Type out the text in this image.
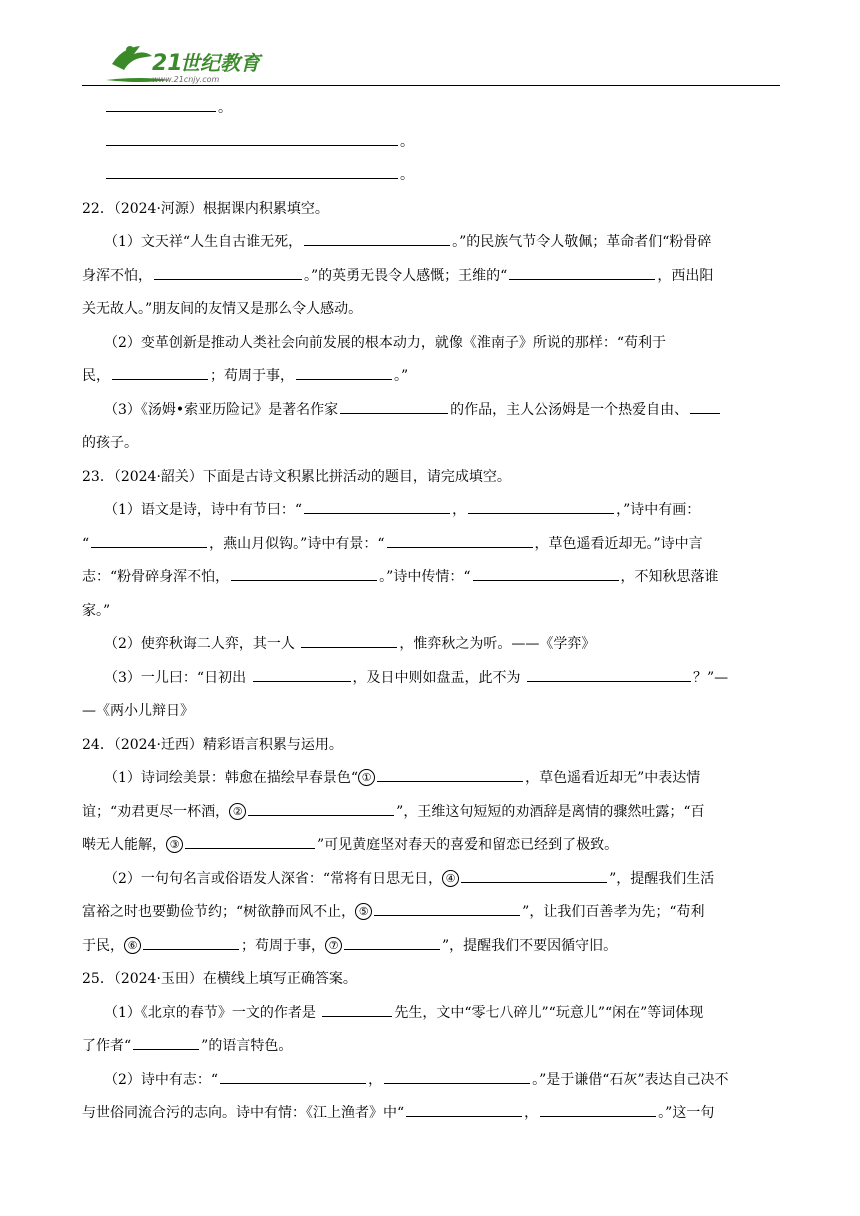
21
世纪教育
www.21cnjy.com
。
。
。
22．（2024·河源）根据课内积累填空。
（1）文天祥“人生自古谁无死，	。”的民族气节令人敬佩；革命者们“粉骨碎
身浑不怕，	。”的英勇无畏令人感慨；王维的“	，西出阳
关无故人。”朋友间的友情又是那么令人感动。
（2）变革创新是推动人类社会向前发展的根本动力，就像《淮南子》所说的那样：“苟利于
民，	；苟周于事，	。”
（3）《汤姆•索亚历险记》是著名作家	的作品，主人公汤姆是一个热爱自由、
的孩子。
23．（2024·韶关）下面是古诗文积累比拼活动的题目，请完成填空。
（1）语文是诗，诗中有节曰：“	，	，”诗中有画：
“	，燕山月似钩。”诗中有景：“	，草色遥看近却无。”诗中言
志：“粉骨碎身浑不怕，	。”诗中传情：“	，不知秋思落谁
家。”
（2）使弈秋诲二人弈，其一人	，惟弈秋之为听。——《学弈》
（3）一儿曰：“日初出	，及日中则如盘盂，此不为	？”—
—《两小儿辩日》
24．（2024·迁西）精彩语言积累与运用。
（1）诗词绘美景：韩愈在描绘早春景色“ ①	，草色遥看近却无”中表达情
谊；“劝君更尽一杯酒， ②	”，王维这句短短的劝酒辞是离情的骤然吐露；“百
啭无人能解， ③	”可见黄庭坚对春天的喜爱和留恋已经到了极致。
（2）一句句名言或俗语发人深省：“常将有日思无日， ④	”，提醒我们生活
富裕之时也要勤俭节约；“树欲静而风不止， ⑤	”，让我们百善孝为先；“苟利
于民， ⑥	；苟周于事， ⑦	”，提醒我们不要因循守旧。
25．（2024·玉田）在横线上填写正确答案。
（1）《北京的春节》一文的作者是	先生，文中“零七八碎儿”“玩意儿”“闲在”等词体现
了作者“	”的语言特色。
（2）诗中有志：“	，	。”是于谦借“石灰”表达自己决不
与世俗同流合污的志向。诗中有情：《江上渔者》中“	，	。”这一句
